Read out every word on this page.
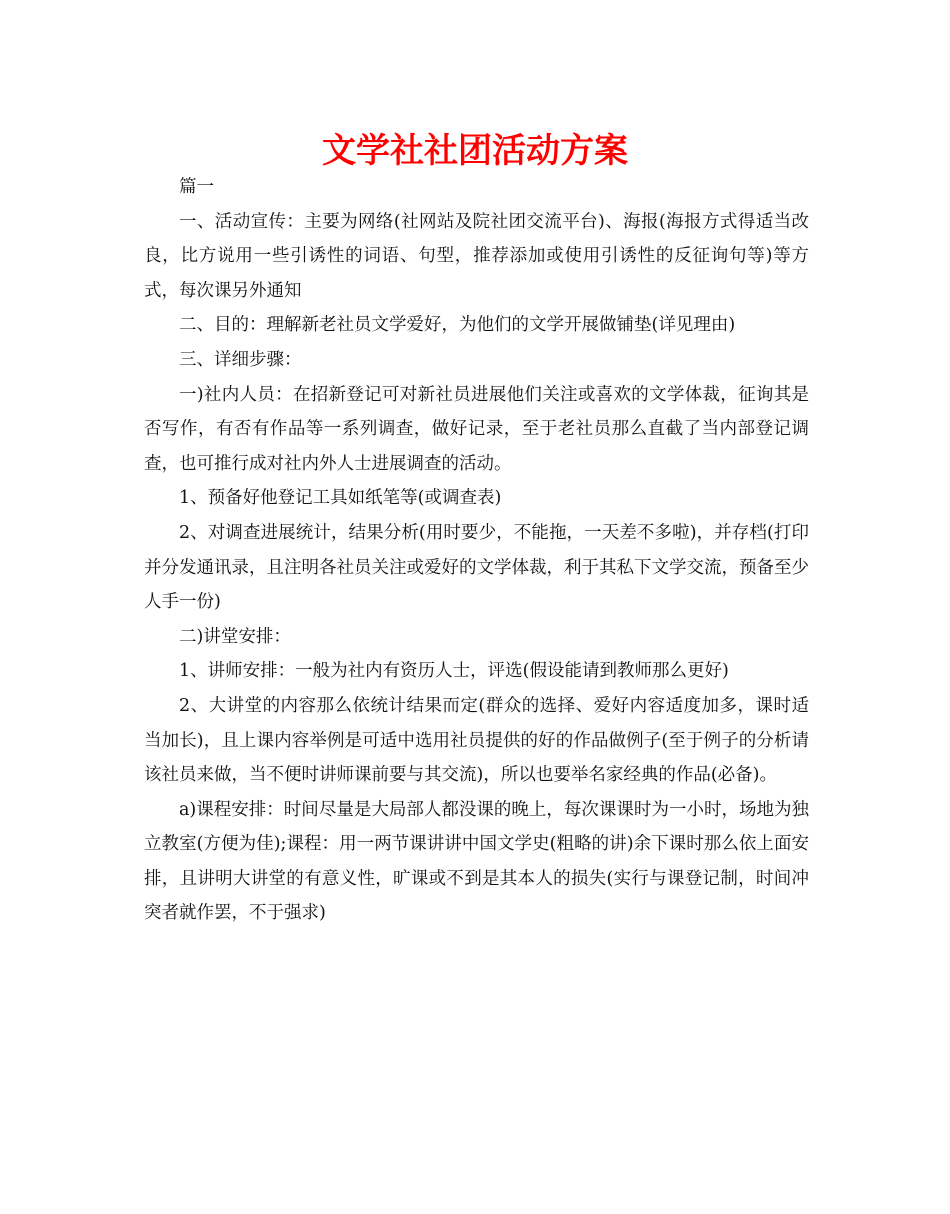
文学社社团活动方案

篇一

一、活动宣传：主要为网络(社网站及院社团交流平台)、海报(海报方式得适当改良，比方说用一些引诱性的词语、句型，推荐添加或使用引诱性的反征询句等)等方式，每次课另外通知

二、目的：理解新老社员文学爱好，为他们的文学开展做铺垫(详见理由)

三、详细步骤：

一)社内人员：在招新登记可对新社员进展他们关注或喜欢的文学体裁，征询其是否写作，有否有作品等一系列调查，做好记录，至于老社员那么直截了当内部登记调查，也可推行成对社内外人士进展调查的活动。

1、预备好他登记工具如纸笔等(或调查表)

2、对调查进展统计，结果分析(用时要少，不能拖，一天差不多啦)，并存档(打印并分发通讯录，且注明各社员关注或爱好的文学体裁，利于其私下文学交流，预备至少人手一份)

二)讲堂安排：

1、讲师安排：一般为社内有资历人士，评选(假设能请到教师那么更好)

2、大讲堂的内容那么依统计结果而定(群众的选择、爱好内容适度加多，课时适当加长)，且上课内容举例是可适中选用社员提供的好的作品做例子(至于例子的分析请该社员来做，当不便时讲师课前要与其交流)，所以也要举名家经典的作品(必备)。

a)课程安排：时间尽量是大局部人都没课的晚上，每次课课时为一小时，场地为独立教室(方便为佳);课程：用一两节课讲讲中国文学史(粗略的讲)余下课时那么依上面安排，且讲明大讲堂的有意义性，旷课或不到是其本人的损失(实行与课登记制，时间冲突者就作罢，不于强求)
